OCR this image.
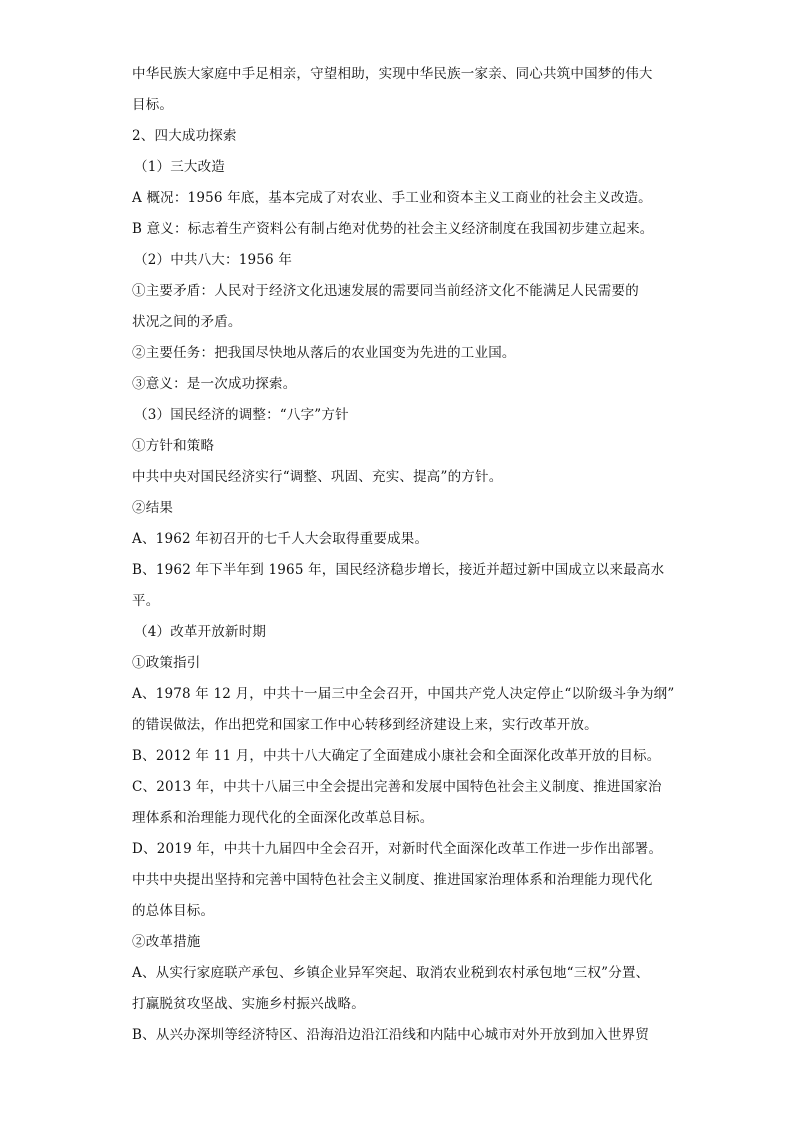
中华民族大家庭中手足相亲，守望相助，实现中华民族一家亲、同心共筑中国梦的伟大
目标。
2、四大成功探索
（1）三大改造
A 概况：1956 年底，基本完成了对农业、手工业和资本主义工商业的社会主义改造。
B 意义：标志着生产资料公有制占绝对优势的社会主义经济制度在我国初步建立起来。
（2）中共八大：1956 年
①主要矛盾：人民对于经济文化迅速发展的需要同当前经济文化不能满足人民需要的
状况之间的矛盾。
②主要任务：把我国尽快地从落后的农业国变为先进的工业国。
③意义：是一次成功探索。
（3）国民经济的调整：“八字”方针
①方针和策略
中共中央对国民经济实行“调整、巩固、充实、提高”的方针。
②结果
A、1962 年初召开的七千人大会取得重要成果。
B、1962 年下半年到 1965 年，国民经济稳步增长，接近并超过新中国成立以来最高水
平。
（4）改革开放新时期
①政策指引
A、1978 年 12 月，中共十一届三中全会召开，中国共产党人决定停止“以阶级斗争为纲”
的错误做法，作出把党和国家工作中心转移到经济建设上来，实行改革开放。
B、2012 年 11 月，中共十八大确定了全面建成小康社会和全面深化改革开放的目标。
C、2013 年，中共十八届三中全会提出完善和发展中国特色社会主义制度、推进国家治
理体系和治理能力现代化的全面深化改革总目标。
D、2019 年，中共十九届四中全会召开，对新时代全面深化改革工作进一步作出部署。
中共中央提出坚持和完善中国特色社会主义制度、推进国家治理体系和治理能力现代化
的总体目标。
②改革措施
A、从实行家庭联产承包、乡镇企业异军突起、取消农业税到农村承包地“三权”分置、
打赢脱贫攻坚战、实施乡村振兴战略。
B、从兴办深圳等经济特区、沿海沿边沿江沿线和内陆中心城市对外开放到加入世界贸
